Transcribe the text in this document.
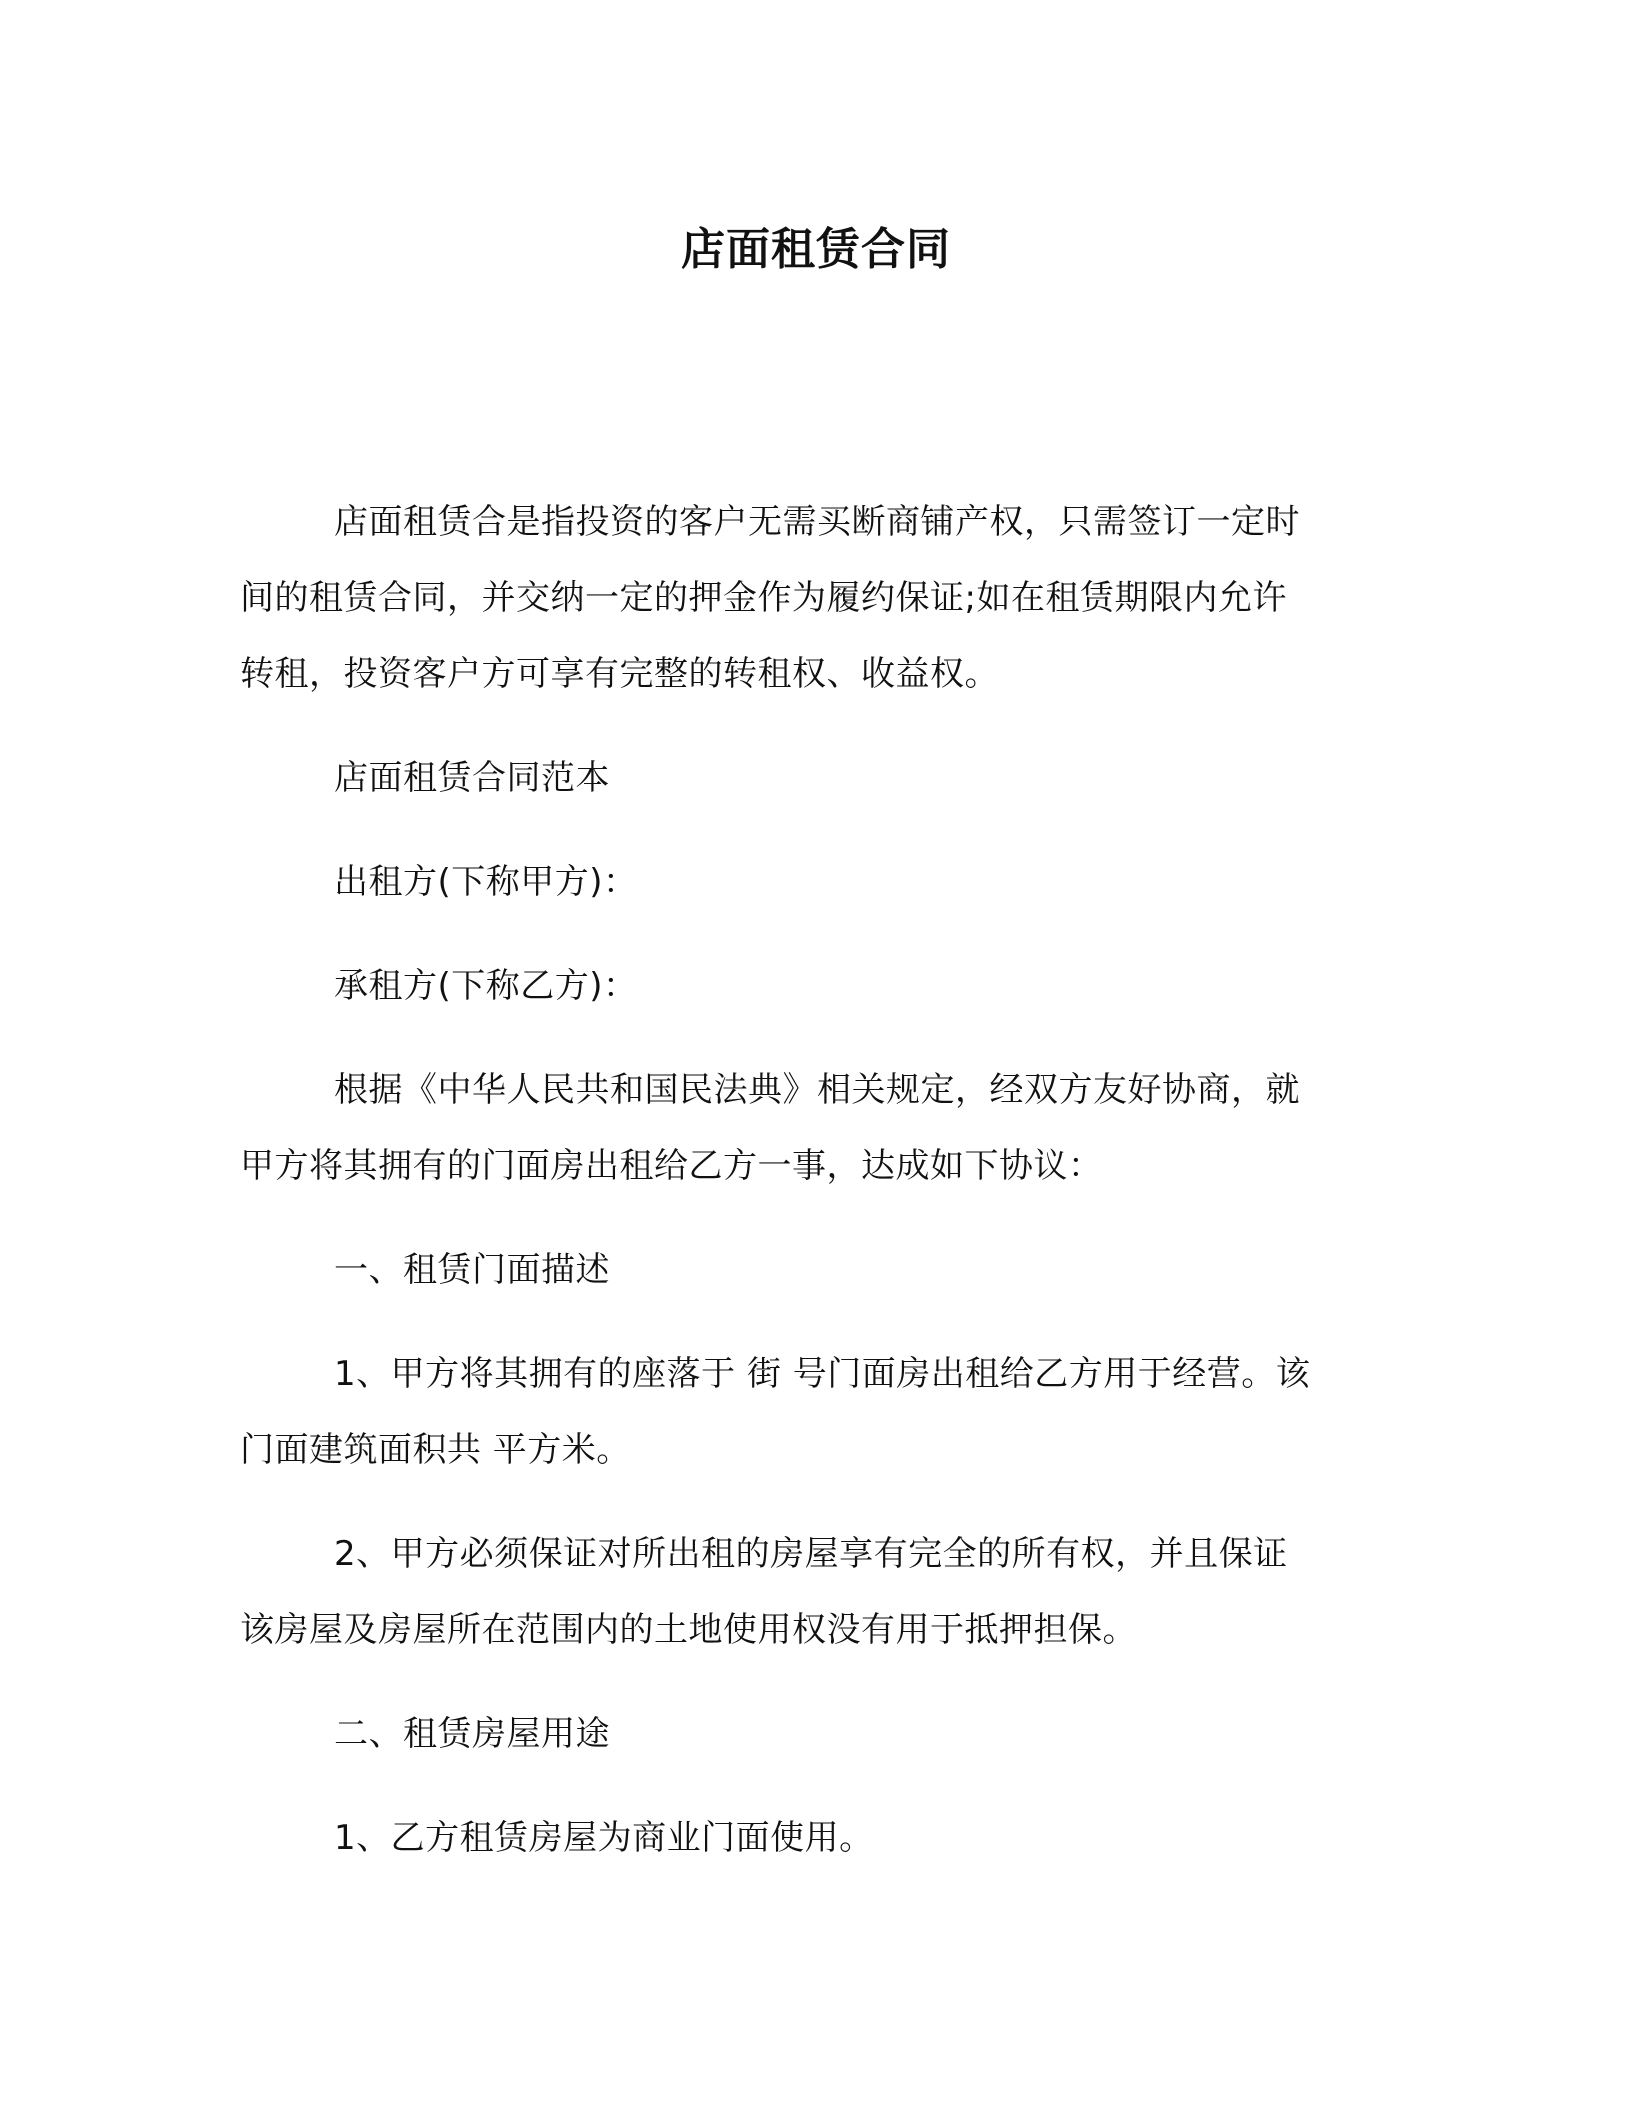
店面租赁合同
店面租赁合是指投资的客户无需买断商铺产权，只需签订一定时
间的租赁合同，并交纳一定的押金作为履约保证;如在租赁期限内允许
转租，投资客户方可享有完整的转租权、收益权。

店面租赁合同范本

出租方(下称甲方)：

承租方(下称乙方)：

根据《中华人民共和国民法典》相关规定，经双方友好协商，就
甲方将其拥有的门面房出租给乙方一事，达成如下协议：

一、租赁门面描述

1、甲方将其拥有的座落于 街 号门面房出租给乙方用于经营。该
门面建筑面积共 平方米。
2、甲方必须保证对所出租的房屋享有完全的所有权，并且保证
该房屋及房屋所在范围内的土地使用权没有用于抵押担保。

二、租赁房屋用途

1、乙方租赁房屋为商业门面使用。
